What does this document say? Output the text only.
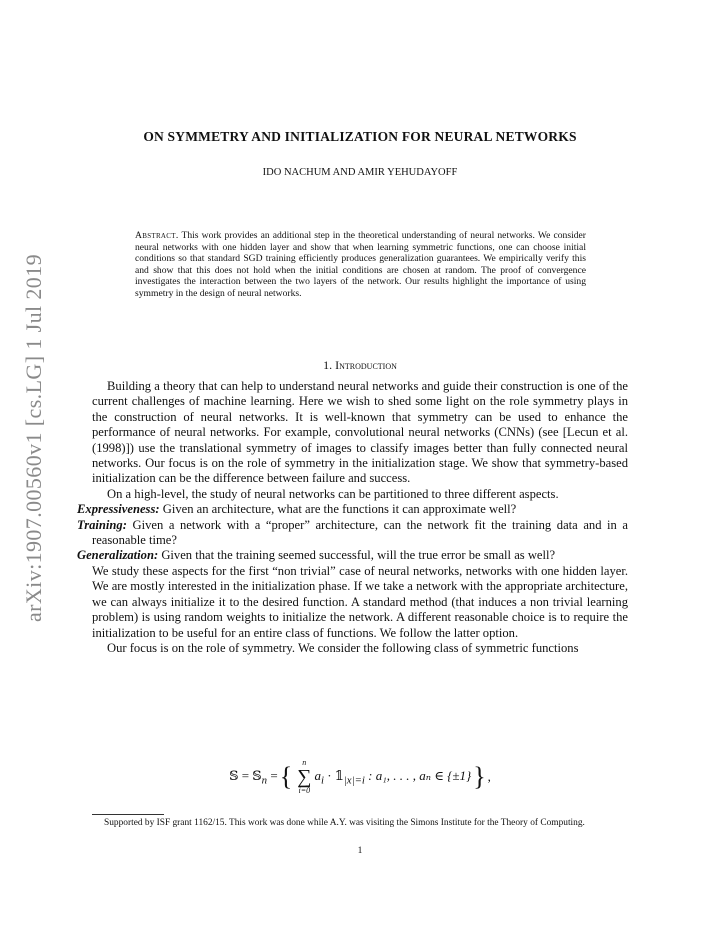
arXiv:1907.00560v1 [cs.LG] 1 Jul 2019
ON SYMMETRY AND INITIALIZATION FOR NEURAL NETWORKS
IDO NACHUM AND AMIR YEHUDAYOFF
Abstract. This work provides an additional step in the theoretical understanding of neural networks. We consider neural networks with one hidden layer and show that when learning symmetric functions, one can choose initial conditions so that standard SGD training efficiently produces generalization guarantees. We empirically verify this and show that this does not hold when the initial conditions are chosen at random. The proof of convergence investigates the interaction between the two layers of the network. Our results highlight the importance of using symmetry in the design of neural networks.
1. Introduction

Building a theory that can help to understand neural networks and guide their construction is one of the current challenges of machine learning. Here we wish to shed some light on the role symmetry plays in the construction of neural networks. It is well-known that symmetry can be used to enhance the performance of neural networks. For example, convolutional neural networks (CNNs) (see [Lecun et al.(1998)]) use the translational symmetry of images to classify images better than fully connected neural networks. Our focus is on the role of symmetry in the initialization stage. We show that symmetry-based initialization can be the difference between failure and success.

On a high-level, the study of neural networks can be partitioned to three different aspects.

Expressiveness: Given an architecture, what are the functions it can approximate well?

Training: Given a network with a “proper” architecture, can the network fit the training data and in a reasonable time?

Generalization: Given that the training seemed successful, will the true error be small as well?

We study these aspects for the first “non trivial” case of neural networks, networks with one hidden layer. We are mostly interested in the initialization phase. If we take a network with the appropriate architecture, we can always initialize it to the desired function. A standard method (that induces a non trivial learning problem) is using random weights to initialize the network. A different reasonable choice is to require the initialization to be useful for an entire class of functions. We follow the latter option.

Our focus is on the role of symmetry. We consider the following class of symmetric functions

𝕊 = 𝕊$_n$ = { n
∑
i=0
$a_i$ · $𝟙_{|x|=i}$ : a₁, . . . , aₙ ∈ {±1} } ,
Supported by ISF grant 1162/15. This work was done while A.Y. was visiting the Simons Institute for the Theory of Computing.
1
